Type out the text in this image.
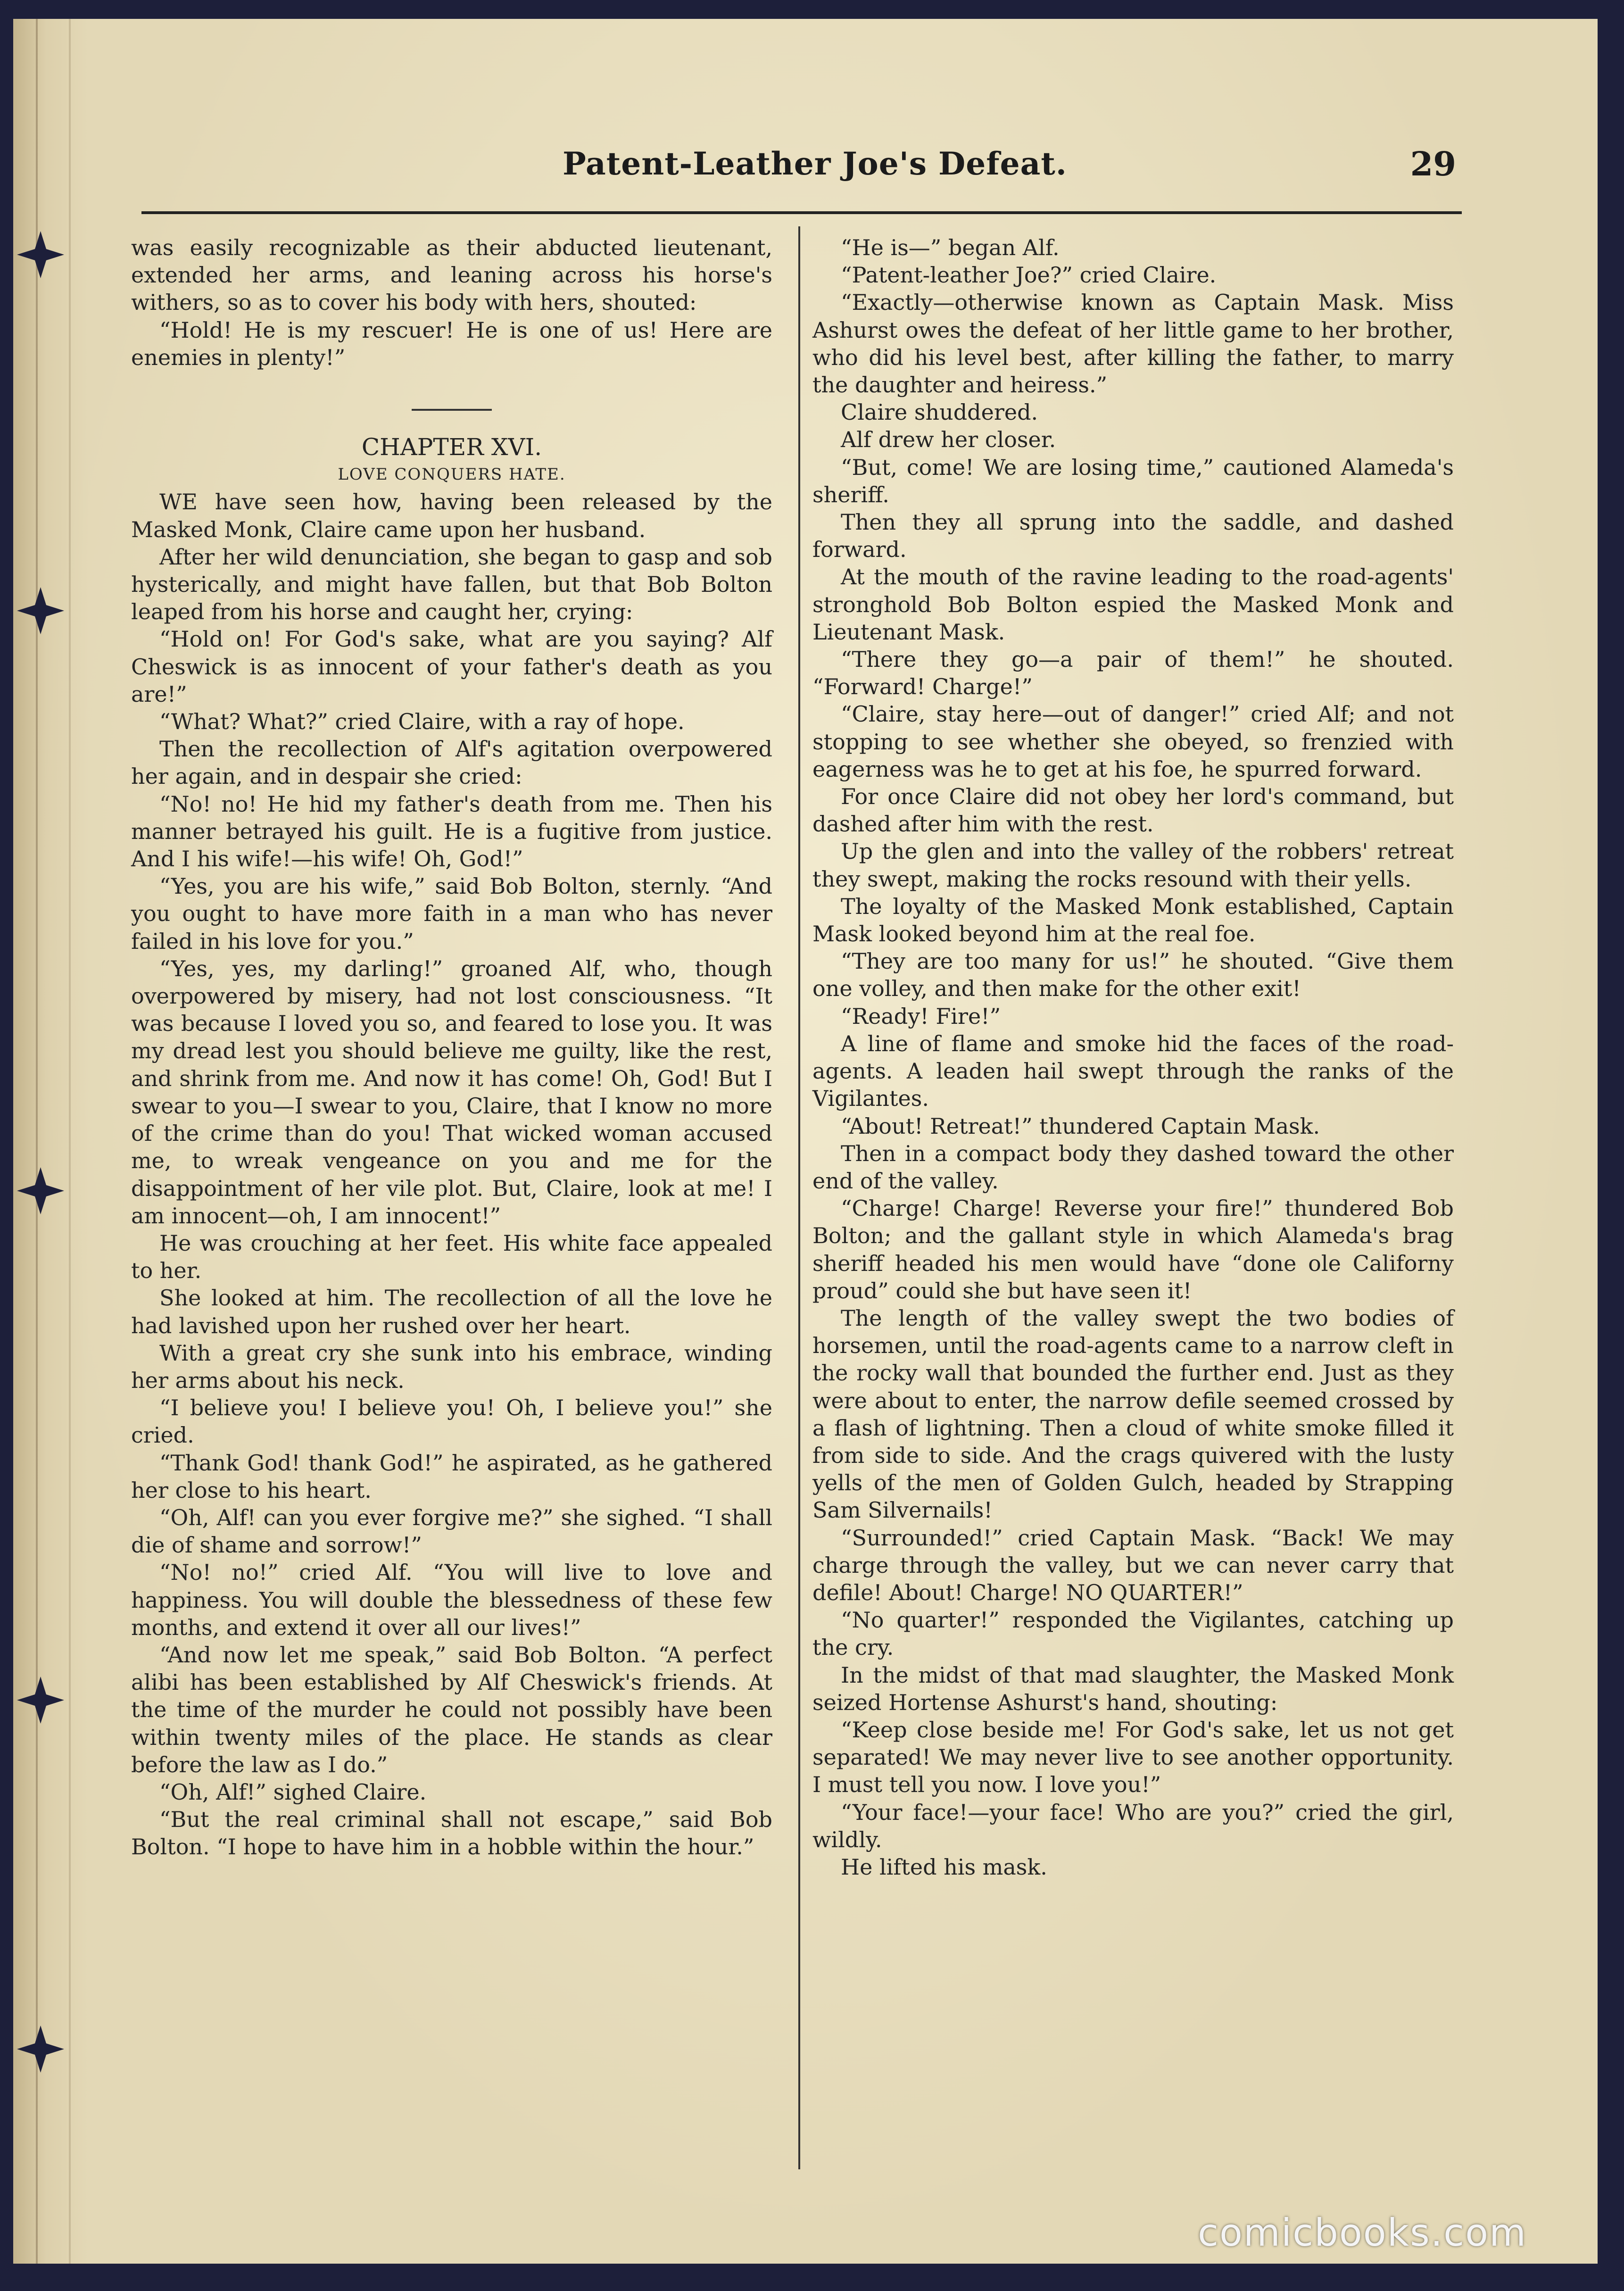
Patent-Leather Joe's Defeat.	29

was easily recognizable as their abducted lieutenant, extended her arms, and leaning across his horse's withers, so as to cover his body with hers, shouted:

“Hold! He is my rescuer! He is one of us! Here are enemies in plenty!”

CHAPTER XVI.

LOVE CONQUERS HATE.

WE have seen how, having been released by the Masked Monk, Claire came upon her husband.

After her wild denunciation, she began to gasp and sob hysterically, and might have fallen, but that Bob Bolton leaped from his horse and caught her, crying:

“Hold on! For God's sake, what are you saying? Alf Cheswick is as innocent of your father's death as you are!”

“What? What?” cried Claire, with a ray of hope.

Then the recollection of Alf's agitation overpowered her again, and in despair she cried:

“No! no! He hid my father's death from me. Then his manner betrayed his guilt. He is a fugitive from justice. And I his wife!—his wife! Oh, God!”

“Yes, you are his wife,” said Bob Bolton, sternly. “And you ought to have more faith in a man who has never failed in his love for you.”

“Yes, yes, my darling!” groaned Alf, who, though overpowered by misery, had not lost consciousness. “It was because I loved you so, and feared to lose you. It was my dread lest you should believe me guilty, like the rest, and shrink from me. And now it has come! Oh, God! But I swear to you—I swear to you, Claire, that I know no more of the crime than do you! That wicked woman accused me, to wreak vengeance on you and me for the disappointment of her vile plot. But, Claire, look at me! I am innocent—oh, I am innocent!”

He was crouching at her feet. His white face appealed to her.

She looked at him. The recollection of all the love he had lavished upon her rushed over her heart.

With a great cry she sunk into his embrace, winding her arms about his neck.

“I believe you! I believe you! Oh, I believe you!” she cried.

“Thank God! thank God!” he aspirated, as he gathered her close to his heart.

“Oh, Alf! can you ever forgive me?” she sighed. “I shall die of shame and sorrow!”

“No! no!” cried Alf. “You will live to love and happiness. You will double the blessedness of these few months, and extend it over all our lives!”

“And now let me speak,” said Bob Bolton. “A perfect alibi has been established by Alf Cheswick's friends. At the time of the murder he could not possibly have been within twenty miles of the place. He stands as clear before the law as I do.”

“Oh, Alf!” sighed Claire.

“But the real criminal shall not escape,” said Bob Bolton. “I hope to have him in a hobble within the hour.”

“He is—” began Alf.

“Patent-leather Joe?” cried Claire.

“Exactly—otherwise known as Captain Mask. Miss Ashurst owes the defeat of her little game to her brother, who did his level best, after killing the father, to marry the daughter and heiress.”

Claire shuddered.

Alf drew her closer.

“But, come! We are losing time,” cautioned Alameda's sheriff.

Then they all sprung into the saddle, and dashed forward.

At the mouth of the ravine leading to the road-agents' stronghold Bob Bolton espied the Masked Monk and Lieutenant Mask.

“There they go—a pair of them!” he shouted. “Forward! Charge!”

“Claire, stay here—out of danger!” cried Alf; and not stopping to see whether she obeyed, so frenzied with eagerness was he to get at his foe, he spurred forward.

For once Claire did not obey her lord's command, but dashed after him with the rest.

Up the glen and into the valley of the robbers' retreat they swept, making the rocks resound with their yells.

The loyalty of the Masked Monk established, Captain Mask looked beyond him at the real foe.

“They are too many for us!” he shouted. “Give them one volley, and then make for the other exit!

“Ready! Fire!”

A line of flame and smoke hid the faces of the road-agents. A leaden hail swept through the ranks of the Vigilantes.

“About! Retreat!” thundered Captain Mask.

Then in a compact body they dashed toward the other end of the valley.

“Charge! Charge! Reverse your fire!” thundered Bob Bolton; and the gallant style in which Alameda's brag sheriff headed his men would have “done ole Californy proud” could she but have seen it!

The length of the valley swept the two bodies of horsemen, until the road-agents came to a narrow cleft in the rocky wall that bounded the further end. Just as they were about to enter, the narrow defile seemed crossed by a flash of lightning. Then a cloud of white smoke filled it from side to side. And the crags quivered with the lusty yells of the men of Golden Gulch, headed by Strapping Sam Silvernails!

“Surrounded!” cried Captain Mask. “Back! We may charge through the valley, but we can never carry that defile! About! Charge! NO QUARTER!”

“No quarter!” responded the Vigilantes, catching up the cry.

In the midst of that mad slaughter, the Masked Monk seized Hortense Ashurst's hand, shouting:

“Keep close beside me! For God's sake, let us not get separated! We may never live to see another opportunity. I must tell you now. I love you!”

“Your face!—your face! Who are you?” cried the girl, wildly.

He lifted his mask.

comicbooks.com
